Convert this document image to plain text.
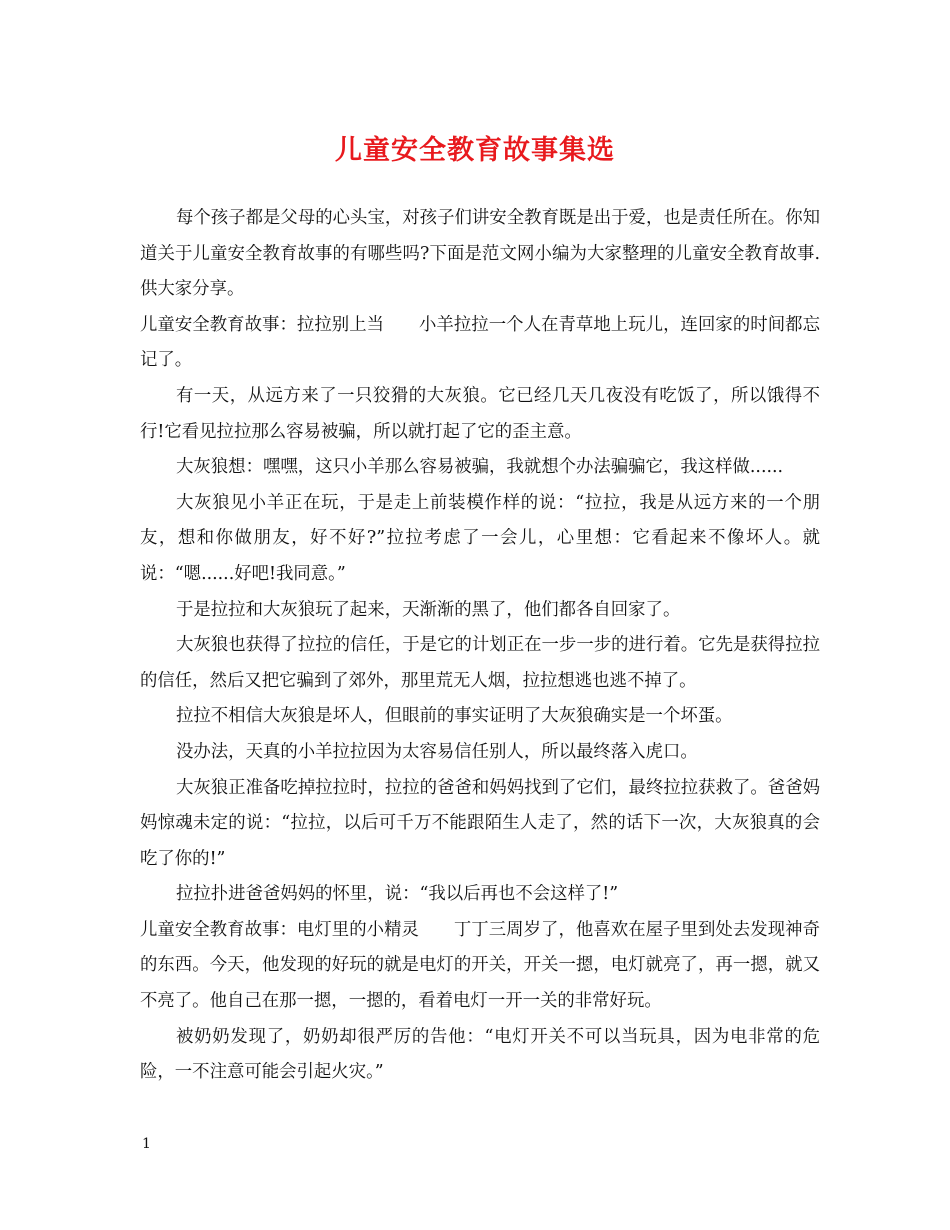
儿童安全教育故事集选

每个孩子都是父母的心头宝，对孩子们讲安全教育既是出于爱，也是责任所在。你知道关于儿童安全教育故事的有哪些吗?下面是范文网小编为大家整理的儿童安全教育故事.供大家分享。

儿童安全教育故事：拉拉别上当　　小羊拉拉一个人在青草地上玩儿，连回家的时间都忘记了。

有一天，从远方来了一只狡猾的大灰狼。它已经几天几夜没有吃饭了，所以饿得不行!它看见拉拉那么容易被骗，所以就打起了它的歪主意。

大灰狼想：嘿嘿，这只小羊那么容易被骗，我就想个办法骗骗它，我这样做......

大灰狼见小羊正在玩，于是走上前装模作样的说：“拉拉，我是从远方来的一个朋友，想和你做朋友，好不好?”拉拉考虑了一会儿，心里想：它看起来不像坏人。就说：“嗯......好吧!我同意。”

于是拉拉和大灰狼玩了起来，天渐渐的黑了，他们都各自回家了。

大灰狼也获得了拉拉的信任，于是它的计划正在一步一步的进行着。它先是获得拉拉的信任，然后又把它骗到了郊外，那里荒无人烟，拉拉想逃也逃不掉了。

拉拉不相信大灰狼是坏人，但眼前的事实证明了大灰狼确实是一个坏蛋。

没办法，天真的小羊拉拉因为太容易信任别人，所以最终落入虎口。

大灰狼正准备吃掉拉拉时，拉拉的爸爸和妈妈找到了它们，最终拉拉获救了。爸爸妈妈惊魂未定的说：“拉拉，以后可千万不能跟陌生人走了，然的话下一次，大灰狼真的会吃了你的!”

拉拉扑进爸爸妈妈的怀里，说：“我以后再也不会这样了!”

儿童安全教育故事：电灯里的小精灵　　丁丁三周岁了，他喜欢在屋子里到处去发现神奇的东西。今天，他发现的好玩的就是电灯的开关，开关一摁，电灯就亮了，再一摁，就又不亮了。他自己在那一摁，一摁的，看着电灯一开一关的非常好玩。

被奶奶发现了，奶奶却很严厉的告他：“电灯开关不可以当玩具，因为电非常的危险，一不注意可能会引起火灾。”

1
